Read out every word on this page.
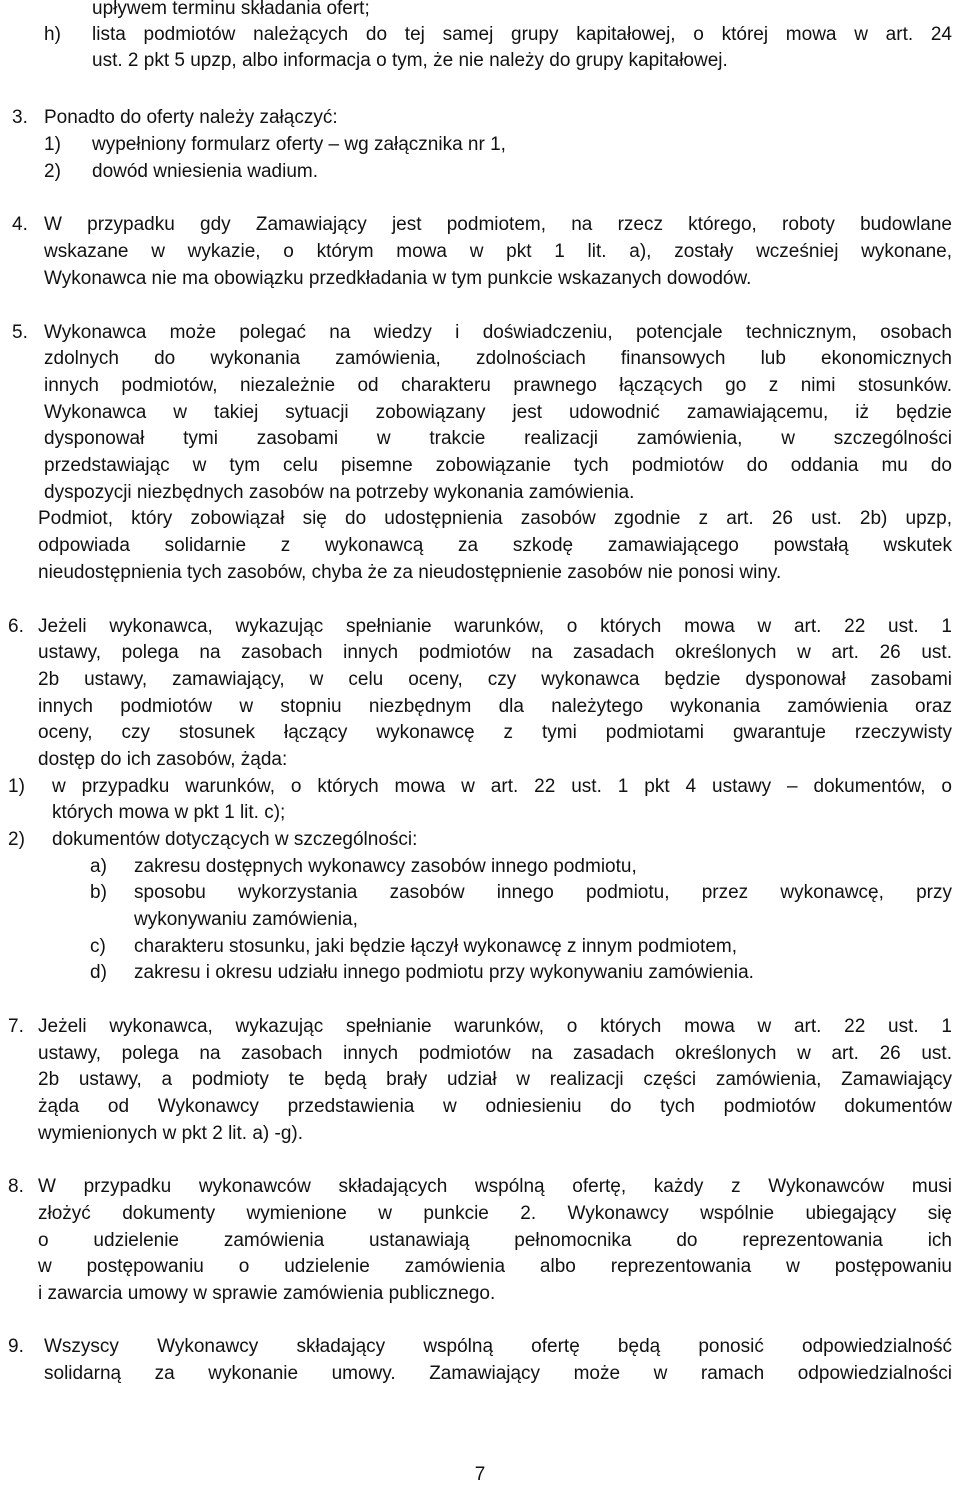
upływem terminu składania ofert;
h) lista podmiotów należących do tej samej grupy kapitałowej, o której mowa w art. 24
ust. 2 pkt 5 upzp, albo informacja o tym, że nie należy do grupy kapitałowej.
3. Ponadto do oferty należy załączyć:
1) wypełniony formularz oferty – wg załącznika nr 1,
2) dowód wniesienia wadium.
4. W przypadku gdy Zamawiający jest podmiotem, na rzecz którego, roboty budowlane
wskazane w wykazie, o którym mowa w pkt 1 lit. a), zostały wcześniej wykonane,
Wykonawca nie ma obowiązku przedkładania w tym punkcie wskazanych dowodów.
5. Wykonawca może polegać na wiedzy i doświadczeniu, potencjale technicznym, osobach
zdolnych do wykonania zamówienia, zdolnościach finansowych lub ekonomicznych
innych podmiotów, niezależnie od charakteru prawnego łączących go z nimi stosunków.
Wykonawca w takiej sytuacji zobowiązany jest udowodnić zamawiającemu, iż będzie
dysponował tymi zasobami w trakcie realizacji zamówienia, w szczególności
przedstawiając w tym celu pisemne zobowiązanie tych podmiotów do oddania mu do
dyspozycji niezbędnych zasobów na potrzeby wykonania zamówienia.
Podmiot, który zobowiązał się do udostępnienia zasobów zgodnie z art. 26 ust. 2b) upzp,
odpowiada solidarnie z wykonawcą za szkodę zamawiającego powstałą wskutek
nieudostępnienia tych zasobów, chyba że za nieudostępnienie zasobów nie ponosi winy.
6. Jeżeli wykonawca, wykazując spełnianie warunków, o których mowa w art. 22 ust. 1
ustawy, polega na zasobach innych podmiotów na zasadach określonych w art. 26 ust.
2b ustawy, zamawiający, w celu oceny, czy wykonawca będzie dysponował zasobami
innych podmiotów w stopniu niezbędnym dla należytego wykonania zamówienia oraz
oceny, czy stosunek łączący wykonawcę z tymi podmiotami gwarantuje rzeczywisty
dostęp do ich zasobów, żąda:
1) w przypadku warunków, o których mowa w art. 22 ust. 1 pkt 4 ustawy – dokumentów, o
których mowa w pkt 1 lit. c);
2) dokumentów dotyczących w szczególności:
a) zakresu dostępnych wykonawcy zasobów innego podmiotu,
b) sposobu wykorzystania zasobów innego podmiotu, przez wykonawcę, przy
wykonywaniu zamówienia,
c) charakteru stosunku, jaki będzie łączył wykonawcę z innym podmiotem,
d) zakresu i okresu udziału innego podmiotu przy wykonywaniu zamówienia.
7. Jeżeli wykonawca, wykazując spełnianie warunków, o których mowa w art. 22 ust. 1
ustawy, polega na zasobach innych podmiotów na zasadach określonych w art. 26 ust.
2b ustawy, a podmioty te będą brały udział w realizacji części zamówienia, Zamawiający
żąda od Wykonawcy przedstawienia w odniesieniu do tych podmiotów dokumentów
wymienionych w pkt 2 lit. a) -g).
8. W przypadku wykonawców składających wspólną ofertę, każdy z Wykonawców musi
złożyć dokumenty wymienione w punkcie 2. Wykonawcy wspólnie ubiegający się
o udzielenie zamówienia ustanawiają pełnomocnika do reprezentowania ich
w postępowaniu o udzielenie zamówienia albo reprezentowania w postępowaniu
i zawarcia umowy w sprawie zamówienia publicznego.
9. Wszyscy Wykonawcy składający wspólną ofertę będą ponosić odpowiedzialność
solidarną za wykonanie umowy. Zamawiający może w ramach odpowiedzialności
7
